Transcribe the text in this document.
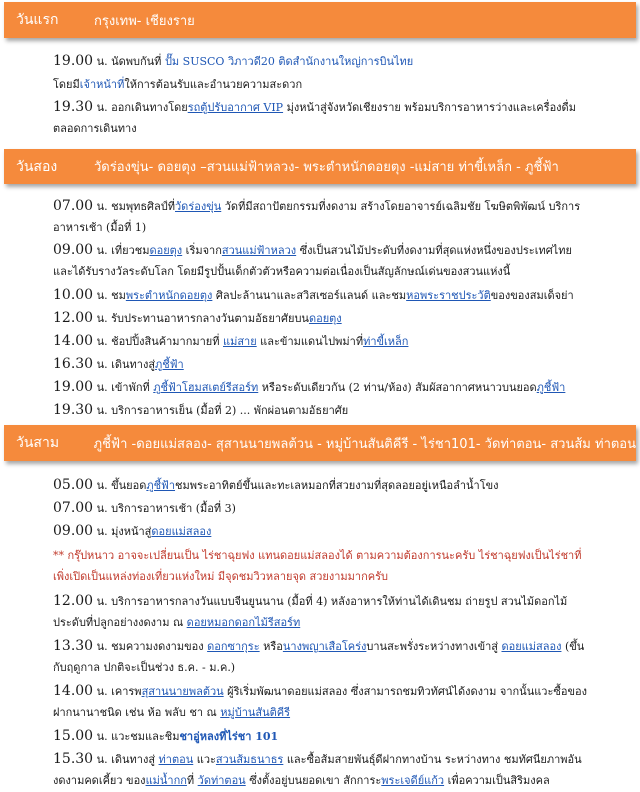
วันแรก	กรุงเทพ- เชียงราย

19.00 น. นัดพบกันที่ ปั๊ม SUSCO วิภาวดี20 ติดสำนักงานใหญ่การบินไทย

โดยมีเจ้าหน้าที่ให้การต้อนรับและอำนวยความสะดวก

19.30 น. ออกเดินทางโดยรถตู้ปรับอากาศ VIP มุ่งหน้าสู่จังหวัดเชียงราย พร้อมบริการอาหารว่างและเครื่องดื่มตลอดการเดินทาง

วันสอง	วัดร่องขุ่น- ดอยตุง –สวนแม่ฟ้าหลวง- พระตำหนักดอยตุง -แม่สาย ท่าขี้เหล็ก - ภูชี้ฟ้า

07.00 น. ชมพุทธศิลป์ที่วัดร่องขุ่น วัดที่มีสถาปัตยกรรมที่งดงาม สร้างโดยอาจารย์เฉลิมชัย โฆษิตพิพัฒน์ บริการอาหารเช้า (มื้อที่ 1)

09.00 น. เที่ยวชมดอยตุง เริ่มจากสวนแม่ฟ้าหลวง ซึ่งเป็นสวนไม้ประดับที่งดงามที่สุดแห่งหนึ่งของประเทศไทย และได้รับรางวัลระดับโลก โดยมีรูปปั้นเด็กตัวตัวหรือความต่อเนื่องเป็นสัญลักษณ์เด่นของสวนแห่งนี้

10.00 น. ชมพระตำหนักดอยตุง ศิลปะล้านนาและสวิสเซอร์แลนด์ และชมหอพระราชประวัติของของสมเด็จย่า

12.00 น. รับประทานอาหารกลางวันตามอัธยาศัยบนดอยตุง

14.00 น. ช้อปปิ้งสินค้ามากมายที่ แม่สาย และข้ามแดนไปพม่าที่ท่าขี้เหล็ก

16.30 น. เดินทางสู่ภูชี้ฟ้า

19.00 น. เข้าพักที่ ภูชี้ฟ้าโฮมสเตย์รีสอร์ท หรือระดับเดียวกัน (2 ท่าน/ห้อง) สัมผัสอากาศหนาวบนยอดภูชี้ฟ้า

19.30 น. บริการอาหารเย็น (มื้อที่ 2) ... พักผ่อนตามอัธยาศัย

วันสาม	ภูชี้ฟ้า -ดอยแม่สลอง- สุสานนายพลต้วน - หมู่บ้านสันติคีรี - ไร่ชา101- วัดท่าตอน- สวนส้ม ท่าตอน

05.00 น. ขึ้นยอดภูชี้ฟ้าชมพระอาทิตย์ขึ้นและทะเลหมอกที่สวยงามที่สุดลอยอยู่เหนือลำน้ำโขง

07.00 น. บริการอาหารเช้า (มื้อที่ 3)

09.00 น. มุ่งหน้าสู่ดอยแม่สลอง

** กรุ๊ปหนาว อาจจะเปลี่ยนเป็น ไร่ชาฉุยฟง แทนดอยแม่สลองได้ ตามความต้องการนะครับ ไร่ชาฉุยฟงเป็นไร่ชาที่เพิ่งเปิดเป็นแหล่งท่องเที่ยวแห่งใหม่ มีจุดชมวิวหลายจุด สวยงามมากครับ

12.00 น. บริการอาหารกลางวันแบบจีนยูนนาน (มื้อที่ 4) หลังอาหารให้ท่านได้เดินชม ถ่ายรูป สวนไม้ดอกไม้ประดับที่ปลูกอย่างงดงาม ณ ดอยหมอกดอกไม้รีสอร์ท

13.30 น. ชมความงดงามของ ดอกซากุระ หรือนางพญาเสือโคร่งบานสะพรั่งระหว่างทางเข้าสู่ ดอยแม่สลอง (ขึ้นกับฤดูกาล ปกติจะเป็นช่วง ธ.ค. - ม.ค.)

14.00 น. เคารพสุสานนายพลต้วน ผู้ริเริ่มพัฒนาดอยแม่สลอง ซึ่งสามารถชมทิวทัศน์ได้งดงาม จากนั้นแวะซื้อของฝากนานาชนิด เช่น ห้อ พลับ ชา ณ หมู่บ้านสันติคีรี

15.00 น. แวะชมและชิมชาอู่หลงที่ไร่ชา 101

15.30 น. เดินทางสู่ ท่าตอน แวะสวนส้มธนาธร และซื้อส้มสายพันธุ์ดีฝากทางบ้าน ระหว่างทาง ชมทัศนียภาพอันงดงามคดเคี้ยว ของแม่น้ำกกที่ วัดท่าตอน ซึ่งตั้งอยู่บนยอดเขา สักการะพระเจดีย์แก้ว เพื่อความเป็นสิริมงคล
